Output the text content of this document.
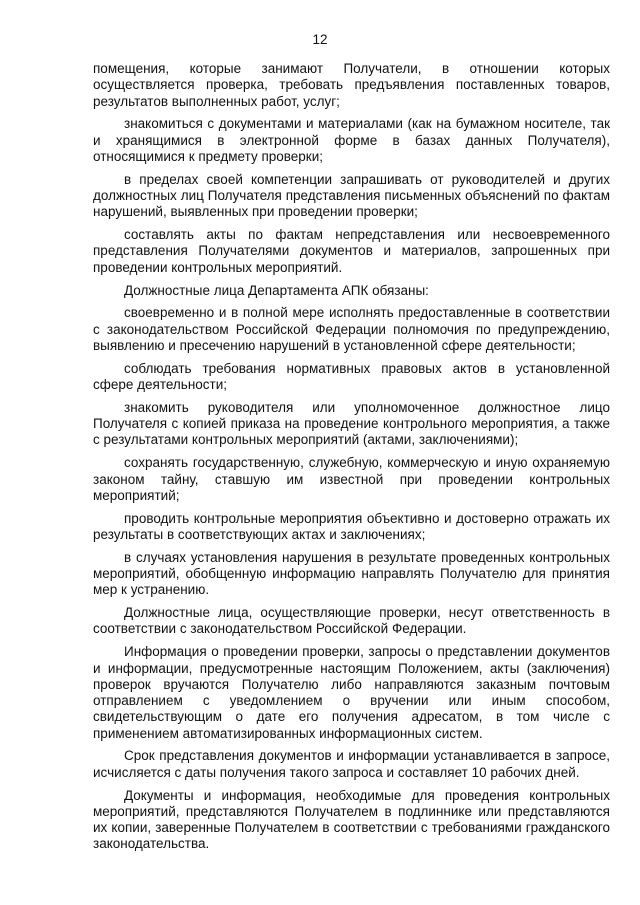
12

помещения, которые занимают Получатели, в отношении которых осуществляется проверка, требовать предъявления поставленных товаров, результатов выполненных работ, услуг;

знакомиться с документами и материалами (как на бумажном носителе, так и хранящимися в электронной форме в базах данных Получателя), относящимися к предмету проверки;

в пределах своей компетенции запрашивать от руководителей и других должностных лиц Получателя представления письменных объяснений по фактам нарушений, выявленных при проведении проверки;

составлять акты по фактам непредставления или несвоевременного представления Получателями документов и материалов, запрошенных при проведении контрольных мероприятий.

Должностные лица Департамента АПК обязаны:

своевременно и в полной мере исполнять предоставленные в соответствии с законодательством Российской Федерации полномочия по предупреждению, выявлению и пресечению нарушений в установленной сфере деятельности;

соблюдать требования нормативных правовых актов в установленной сфере деятельности;

знакомить руководителя или уполномоченное должностное лицо Получателя с копией приказа на проведение контрольного мероприятия, а также с результатами контрольных мероприятий (актами, заключениями);

сохранять государственную, служебную, коммерческую и иную охраняемую законом тайну, ставшую им известной при проведении контрольных мероприятий;

проводить контрольные мероприятия объективно и достоверно отражать их результаты в соответствующих актах и заключениях;

в случаях установления нарушения в результате проведенных контрольных мероприятий, обобщенную информацию направлять Получателю для принятия мер к устранению.

Должностные лица, осуществляющие проверки, несут ответственность в соответствии с законодательством Российской Федерации.

Информация о проведении проверки, запросы о представлении документов и информации, предусмотренные настоящим Положением, акты (заключения) проверок вручаются Получателю либо направляются заказным почтовым отправлением с уведомлением о вручении или иным способом, свидетельствующим о дате его получения адресатом, в том числе с применением автоматизированных информационных систем.

Срок представления документов и информации устанавливается в запросе, исчисляется с даты получения такого запроса и составляет 10 рабочих дней.

Документы и информация, необходимые для проведения контрольных мероприятий, представляются Получателем в подлиннике или представляются их копии, заверенные Получателем в соответствии с требованиями гражданского законодательства.
